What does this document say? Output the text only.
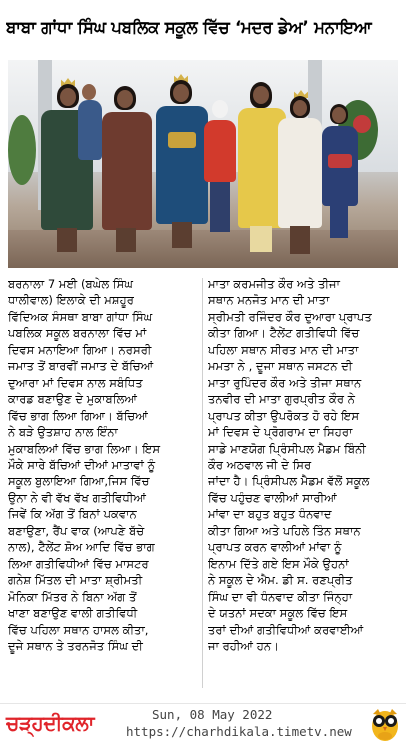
ਬਾਬਾ ਗਾਂਧਾ ਸਿੰਘ ਪਬਲਿਕ ਸਕੂਲ ਵਿੱਚ ‘ਮਦਰ ਡੇਅ’ ਮਨਾਇਆ
ਬਰਨਾਲਾ 7 ਮਈ (ਬਘੇਲ ਸਿੰਘ
ਧਾਲੀਵਾਲ) ਇਲਾਕੇ ਦੀ ਮਸ਼ਹੂਰ
ਵਿੱਦਿਅਕ ਸੰਸਥਾ ਬਾਬਾ ਗਾਂਧਾ ਸਿੰਘ
ਪਬਲਿਕ ਸਕੂਲ ਬਰਨਾਲਾ ਵਿੱਚ ਮਾਂ
ਦਿਵਸ ਮਨਾਇਆ ਗਿਆ। ਨਰਸਰੀ
ਜਮਾਤ ਤੋਂ ਬਾਰਵੀਂ ਜਮਾਤ ਦੇ ਬੱਚਿਆਂ
ਦੁਆਰਾ ਮਾਂ ਦਿਵਸ ਨਾਲ ਸਬੰਧਿਤ
ਕਾਰਡ ਬਣਾਉਣ ਦੇ ਮੁਕਾਬਲਿਆਂ
ਵਿੱਚ ਭਾਗ ਲਿਆ ਗਿਆ। ਬੱਚਿਆਂ
ਨੇ ਬੜੇ ਉਤਸ਼ਾਹ ਨਾਲ ਇੰਨਾ
ਮੁਕਾਬਲਿਆਂ ਵਿੱਚ ਭਾਗ ਲਿਆ। ਇਸ
ਮੌਕੇ ਸਾਰੇ ਬੱਚਿਆਂ ਦੀਆਂ ਮਾਤਾਵਾਂ ਨੂੰ
ਸਕੂਲ ਬੁਲਾਇਆ ਗਿਆ,ਜਿਸ ਵਿੱਚ
ਉਨਾ ਨੇ ਵੀ ਵੱਖ ਵੱਖ ਗਤੀਵਿਧੀਆਂ
ਜਿਵੇਂ ਕਿ ਅੱਗ ਤੋਂ ਬਿਨਾਂ ਪਕਵਾਨ
ਬਣਾਉਣਾ, ਰੈਂਪ ਵਾਕ (ਆਪਣੇ ਬੱਚੇ
ਨਾਲ), ਟੈਲੇਂਟ ਸ਼ੋਅ ਆਦਿ ਵਿੱਚ ਭਾਗ
ਲਿਆ ਗਤੀਵਿਧੀਆਂ ਵਿੱਚ ਮਾਸਟਰ
ਗਨੇਸ਼ ਮਿੱਤਲ ਦੀ ਮਾਤਾ ਸ਼੍ਰੀਮਤੀ
ਮੋਨਿਕਾ ਮਿੱਤਰ ਨੇ ਬਿਨਾ ਅੱਗ ਤੋਂ
ਖਾਣਾ ਬਣਾਉਣ ਵਾਲੀ ਗਤੀਵਿਧੀ
ਵਿੱਚ ਪਹਿਲਾ ਸਥਾਨ ਹਾਸਲ ਕੀਤਾ,
ਦੂਜੇ ਸਥਾਨ ਤੇ ਤਰਨਜੋਤ ਸਿੰਘ ਦੀ
ਮਾਤਾ ਕਰਮਜੀਤ ਕੌਰ ਅਤੇ ਤੀਜਾ
ਸਥਾਨ ਮਨਜੋਤ ਮਾਨ ਦੀ ਮਾਤਾ
ਸ੍ਰੀਮਤੀ ਰਜਿੰਦਰ ਕੌਰ ਦੁਆਰਾ ਪ੍ਰਾਪਤ
ਕੀਤਾ ਗਿਆ। ਟੈਲੇਂਟ ਗਤੀਵਿਧੀ ਵਿੱਚ
ਪਹਿਲਾ ਸਥਾਨ ਸੀਰਤ ਮਾਨ ਦੀ ਮਾਤਾ
ਮਮਤਾ ਨੇ , ਦੂਜਾ ਸਥਾਨ ਜਸਟਨ ਦੀ
ਮਾਤਾ ਰੁਪਿੰਦਰ ਕੌਰ ਅਤੇ ਤੀਜਾ ਸਥਾਨ
ਤਨਵੀਰ ਦੀ ਮਾਤਾ ਗੁਰਪ੍ਰੀਤ ਕੌਰ ਨੇ
ਪ੍ਰਾਪਤ ਕੀਤਾ ਉਪਰੋਕਤ ਹੋ ਰਹੇ ਇਸ
ਮਾਂ ਦਿਵਸ ਦੇ ਪ੍ਰੋਗਰਾਮ ਦਾ ਸਿਹਰਾ
ਸਾਡੇ ਮਾਣਯੋਗ ਪ੍ਰਿੰਸੀਪਲ ਮੈਡਮ ਬਿੰਨੀ
ਕੌਰ ਅਠਵਾਲ ਜੀ ਦੇ ਸਿਰ
ਜਾਂਦਾ ਹੈ। ਪ੍ਰਿੰਸੀਪਲ ਮੈਡਮ ਵੱਲੋਂ ਸਕੂਲ
ਵਿੱਚ ਪਹੁੰਚਣ ਵਾਲੀਆਂ ਸਾਰੀਆਂ
ਮਾਂਵਾ ਦਾ ਬਹੁਤ ਬਹੁਤ ਧੰਨਵਾਦ
ਕੀਤਾ ਗਿਆ ਅਤੇ ਪਹਿਲੇ ਤਿੰਨ ਸਥਾਨ
ਪ੍ਰਾਪਤ ਕਰਨ ਵਾਲੀਆਂ ਮਾਂਵਾ ਨੂੰ
ਇਨਾਮ ਦਿੱਤੇ ਗਏ ਇਸ ਮੌਕੇ ਉਹਨਾਂ
ਨੇ ਸਕੂਲ ਦੇ ਐਮ. ਡੀ ਸ. ਰਣਪ੍ਰੀਤ
ਸਿੰਘ ਦਾ ਵੀ ਧੰਨਵਾਦ ਕੀਤਾ ਜਿੰਨ੍ਹਾ
ਦੇ ਯਤਨਾਂ ਸਦਕਾ ਸਕੂਲ ਵਿੱਚ ਇਸ
ਤਰਾਂ ਦੀਆਂ ਗਤੀਵਿਧੀਆਂ ਕਰਵਾਈਆਂ
ਜਾ ਰਹੀਆਂ ਹਨ।
ਚੜ੍ਹਦੀਕਲਾ	Sun, 08 May 2022
https://charhdikala.timetv.new
